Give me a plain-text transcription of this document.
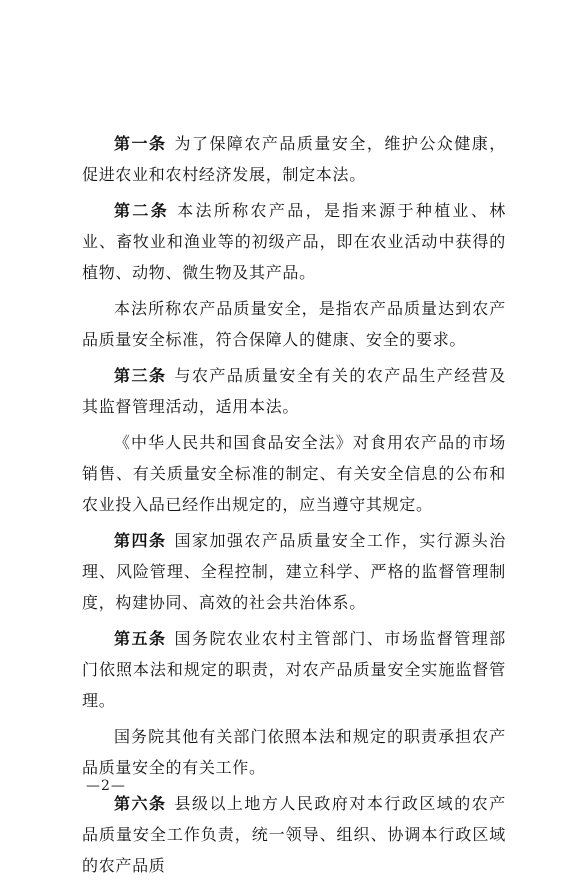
第一条 为了保障农产品质量安全，维护公众健康，促进农业和农村经济发展，制定本法。

第二条 本法所称农产品，是指来源于种植业、林业、畜牧业和渔业等的初级产品，即在农业活动中获得的植物、动物、微生物及其产品。

本法所称农产品质量安全，是指农产品质量达到农产品质量安全标准，符合保障人的健康、安全的要求。

第三条 与农产品质量安全有关的农产品生产经营及其监督管理活动，适用本法。

《中华人民共和国食品安全法》对食用农产品的市场销售、有关质量安全标准的制定、有关安全信息的公布和农业投入品已经作出规定的，应当遵守其规定。

第四条 国家加强农产品质量安全工作，实行源头治理、风险管理、全程控制，建立科学、严格的监督管理制度，构建协同、高效的社会共治体系。

第五条 国务院农业农村主管部门、市场监督管理部门依照本法和规定的职责，对农产品质量安全实施监督管理。

国务院其他有关部门依照本法和规定的职责承担农产品质量安全的有关工作。

第六条 县级以上地方人民政府对本行政区域的农产品质量安全工作负责，统一领导、组织、协调本行政区域的农产品质

—2—
